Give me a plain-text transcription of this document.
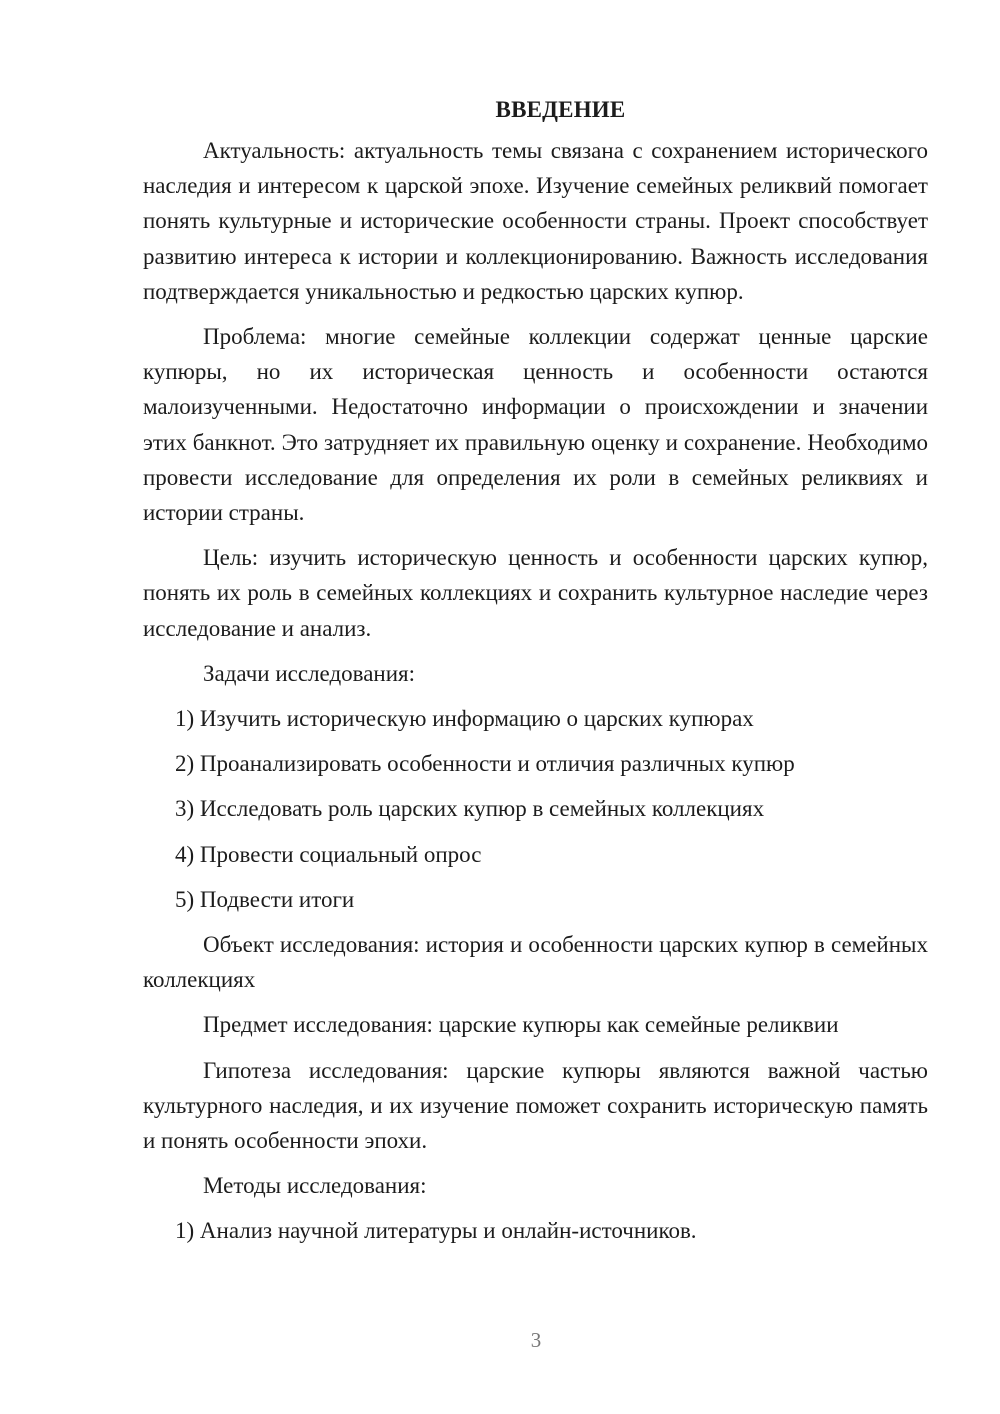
ВВЕДЕНИЕ

Актуальность: актуальность темы связана с сохранением исторического наследия и интересом к царской эпохе. Изучение семейных реликвий помогает понять культурные и исторические особенности страны. Проект способствует развитию интереса к истории и коллекционированию. Важность исследования подтверждается уникальностью и редкостью царских купюр.

Проблема: многие семейные коллекции содержат ценные царские купюры, но их историческая ценность и особенности остаются малоизученными. Недостаточно информации о происхождении и значении этих банкнот. Это затрудняет их правильную оценку и сохранение. Необходимо провести исследование для определения их роли в семейных реликвиях и истории страны.

Цель: изучить историческую ценность и особенности царских купюр, понять их роль в семейных коллекциях и сохранить культурное наследие через исследование и анализ.

Задачи исследования:

1) Изучить историческую информацию о царских купюрах

2) Проанализировать особенности и отличия различных купюр

3) Исследовать роль царских купюр в семейных коллекциях

4) Провести социальный опрос

5) Подвести итоги

Объект исследования: история и особенности царских купюр в семейных коллекциях

Предмет исследования: царские купюры как семейные реликвии

Гипотеза исследования: царские купюры являются важной частью культурного наследия, и их изучение поможет сохранить историческую память и понять особенности эпохи.

Методы исследования:

1) Анализ научной литературы и онлайн-источников.

3
